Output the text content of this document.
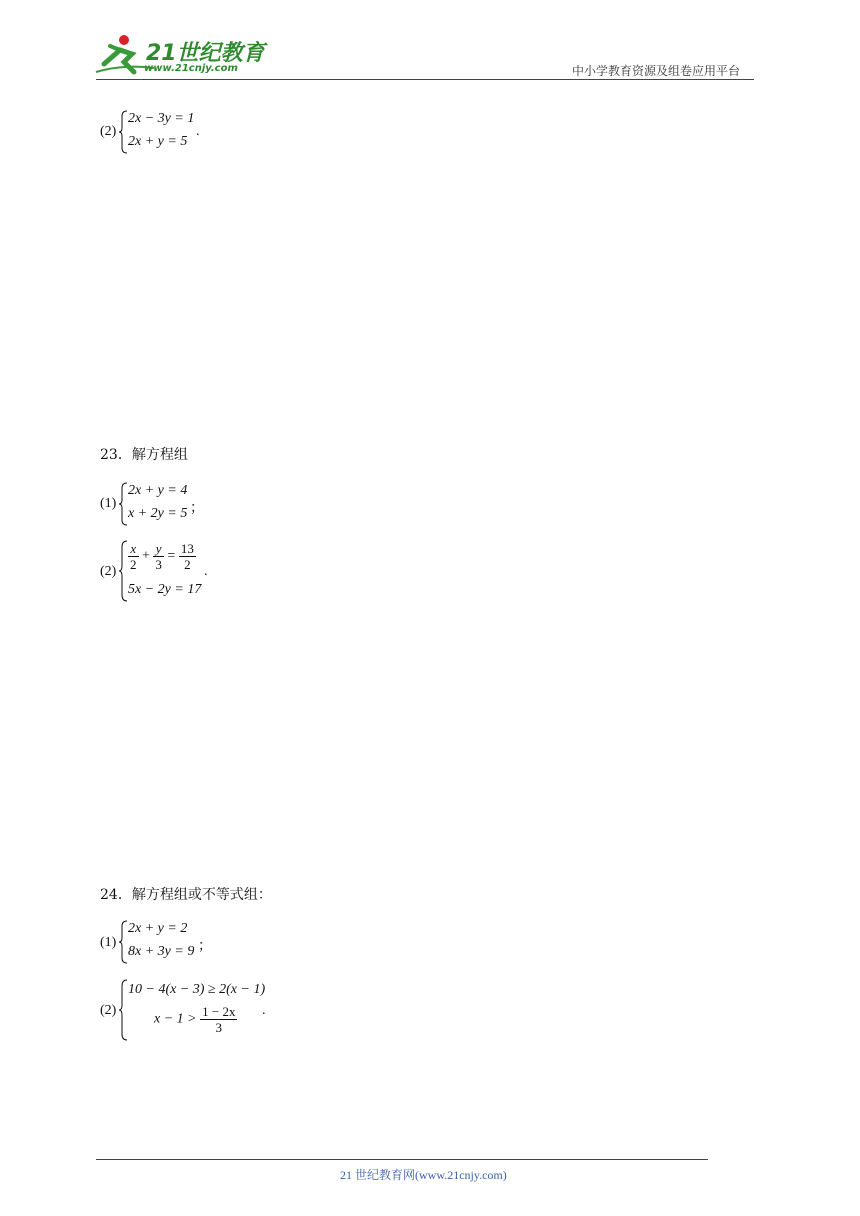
21世纪教育
www.21cnjy.com	中小学教育资源及组卷应用平台
(2)
2x − 3y = 1
2x + y = 5
.
23．解方程组
(1)
2x + y = 4
x + 2y = 5 ；
$(2) \frac{x}{2} + \frac{y}{3} = \frac{13}{2}$
5x − 2y = 17
.
24．解方程组或不等式组：
(1)
2x + y = 2
8x + 3y = 9 ；
(2)
10 − 4(x − 3) ≥ 2(x − 1)
$x - 1 > \frac{1 - 2x}{3}$ .
21 世纪教育网(www.21cnjy.com)
